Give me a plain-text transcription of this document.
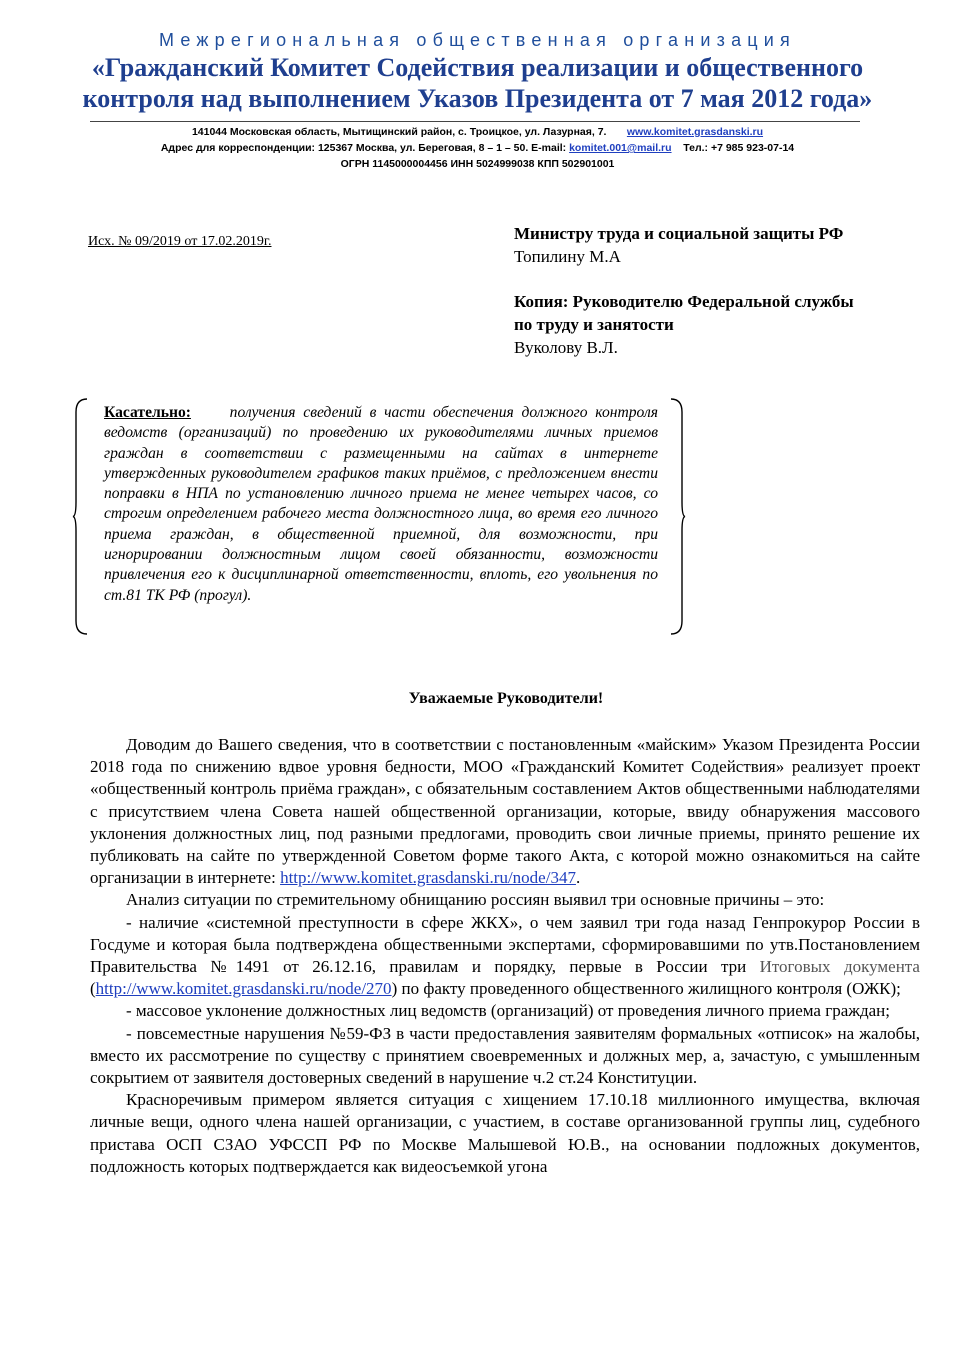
Межрегиональная общественная организация
«Гражданский Комитет Содействия реализации и общественного
контроля над выполнением Указов Президента от 7 мая 2012 года»
141044 Московская область, Мытищинский район, с. Троицкое, ул. Лазурная, 7. www.komitet.grasdanski.ru
Адрес для корреспонденции: 125367 Москва, ул. Береговая, 8 – 1 – 50. E-mail: komitet.001@mail.ru Тел.: +7 985 923-07-14
ОГРН 1145000004456 ИНН 5024999038 КПП 502901001
Исх. № 09/2019 от 17.02.2019г.	Министру труда и социальной защиты РФ
Топилину М.А
Копия: Руководителю Федеральной службы
по труду и занятости
Вуколову В.Л.
Касательно: получения сведений в части обеспечения должного контроля ведомств (организаций) по проведению их руководителями личных приемов граждан в соответствии с размещенными на сайтах в интернете утвержденных руководителем графиков таких приёмов, с предложением внести поправки в НПА по установлению личного приема не менее четырех часов, со строгим определением рабочего места должностного лица, во время его личного приема граждан, в общественной приемной, для возможности, при игнорировании должностным лицом своей обязанности, возможности привлечения его к дисциплинарной ответственности, вплоть, его увольнения по ст.81 ТК РФ (прогул).
Уважаемые Руководители!

Доводим до Вашего сведения, что в соответствии с постановленным «майским» Указом Президента России 2018 года по снижению вдвое уровня бедности, МОО «Гражданский Комитет Содействия» реализует проект «общественный контроль приёма граждан», с обязательным составлением Актов общественными наблюдателями с присутствием члена Совета нашей общественной организации, которые, ввиду обнаружения массового уклонения должностных лиц, под разными предлогами, проводить свои личные приемы, принято решение их публиковать на сайте по утвержденной Советом форме такого Акта, с которой можно ознакомиться на сайте организации в интернете: http://www.komitet.grasdanski.ru/node/347.

Анализ ситуации по стремительному обнищанию россиян выявил три основные причины – это:

- наличие «системной преступности в сфере ЖКХ», о чем заявил три года назад Генпрокурор России в Госдуме и которая была подтверждена общественными экспертами, сформировавшими по утв.Постановлением Правительства №1491 от 26.12.16, правилам и порядку, первые в России три Итоговых документа (http://www.komitet.grasdanski.ru/node/270) по факту проведенного общественного жилищного контроля (ОЖК);

- массовое уклонение должностных лиц ведомств (организаций) от проведения личного приема граждан;

- повсеместные нарушения №59-ФЗ в части предоставления заявителям формальных «отписок» на жалобы, вместо их рассмотрение по существу с принятием своевременных и должных мер, а, зачастую, с умышленным сокрытием от заявителя достоверных сведений в нарушение ч.2 ст.24 Конституции.

Красноречивым примером является ситуация с хищением 17.10.18 миллионного имущества, включая личные вещи, одного члена нашей организации, с участием, в составе организованной группы лиц, судебного пристава ОСП СЗАО УФССП РФ по Москве Малышевой Ю.В., на основании подложных документов, подложность которых подтверждается как видеосъемкой угона
